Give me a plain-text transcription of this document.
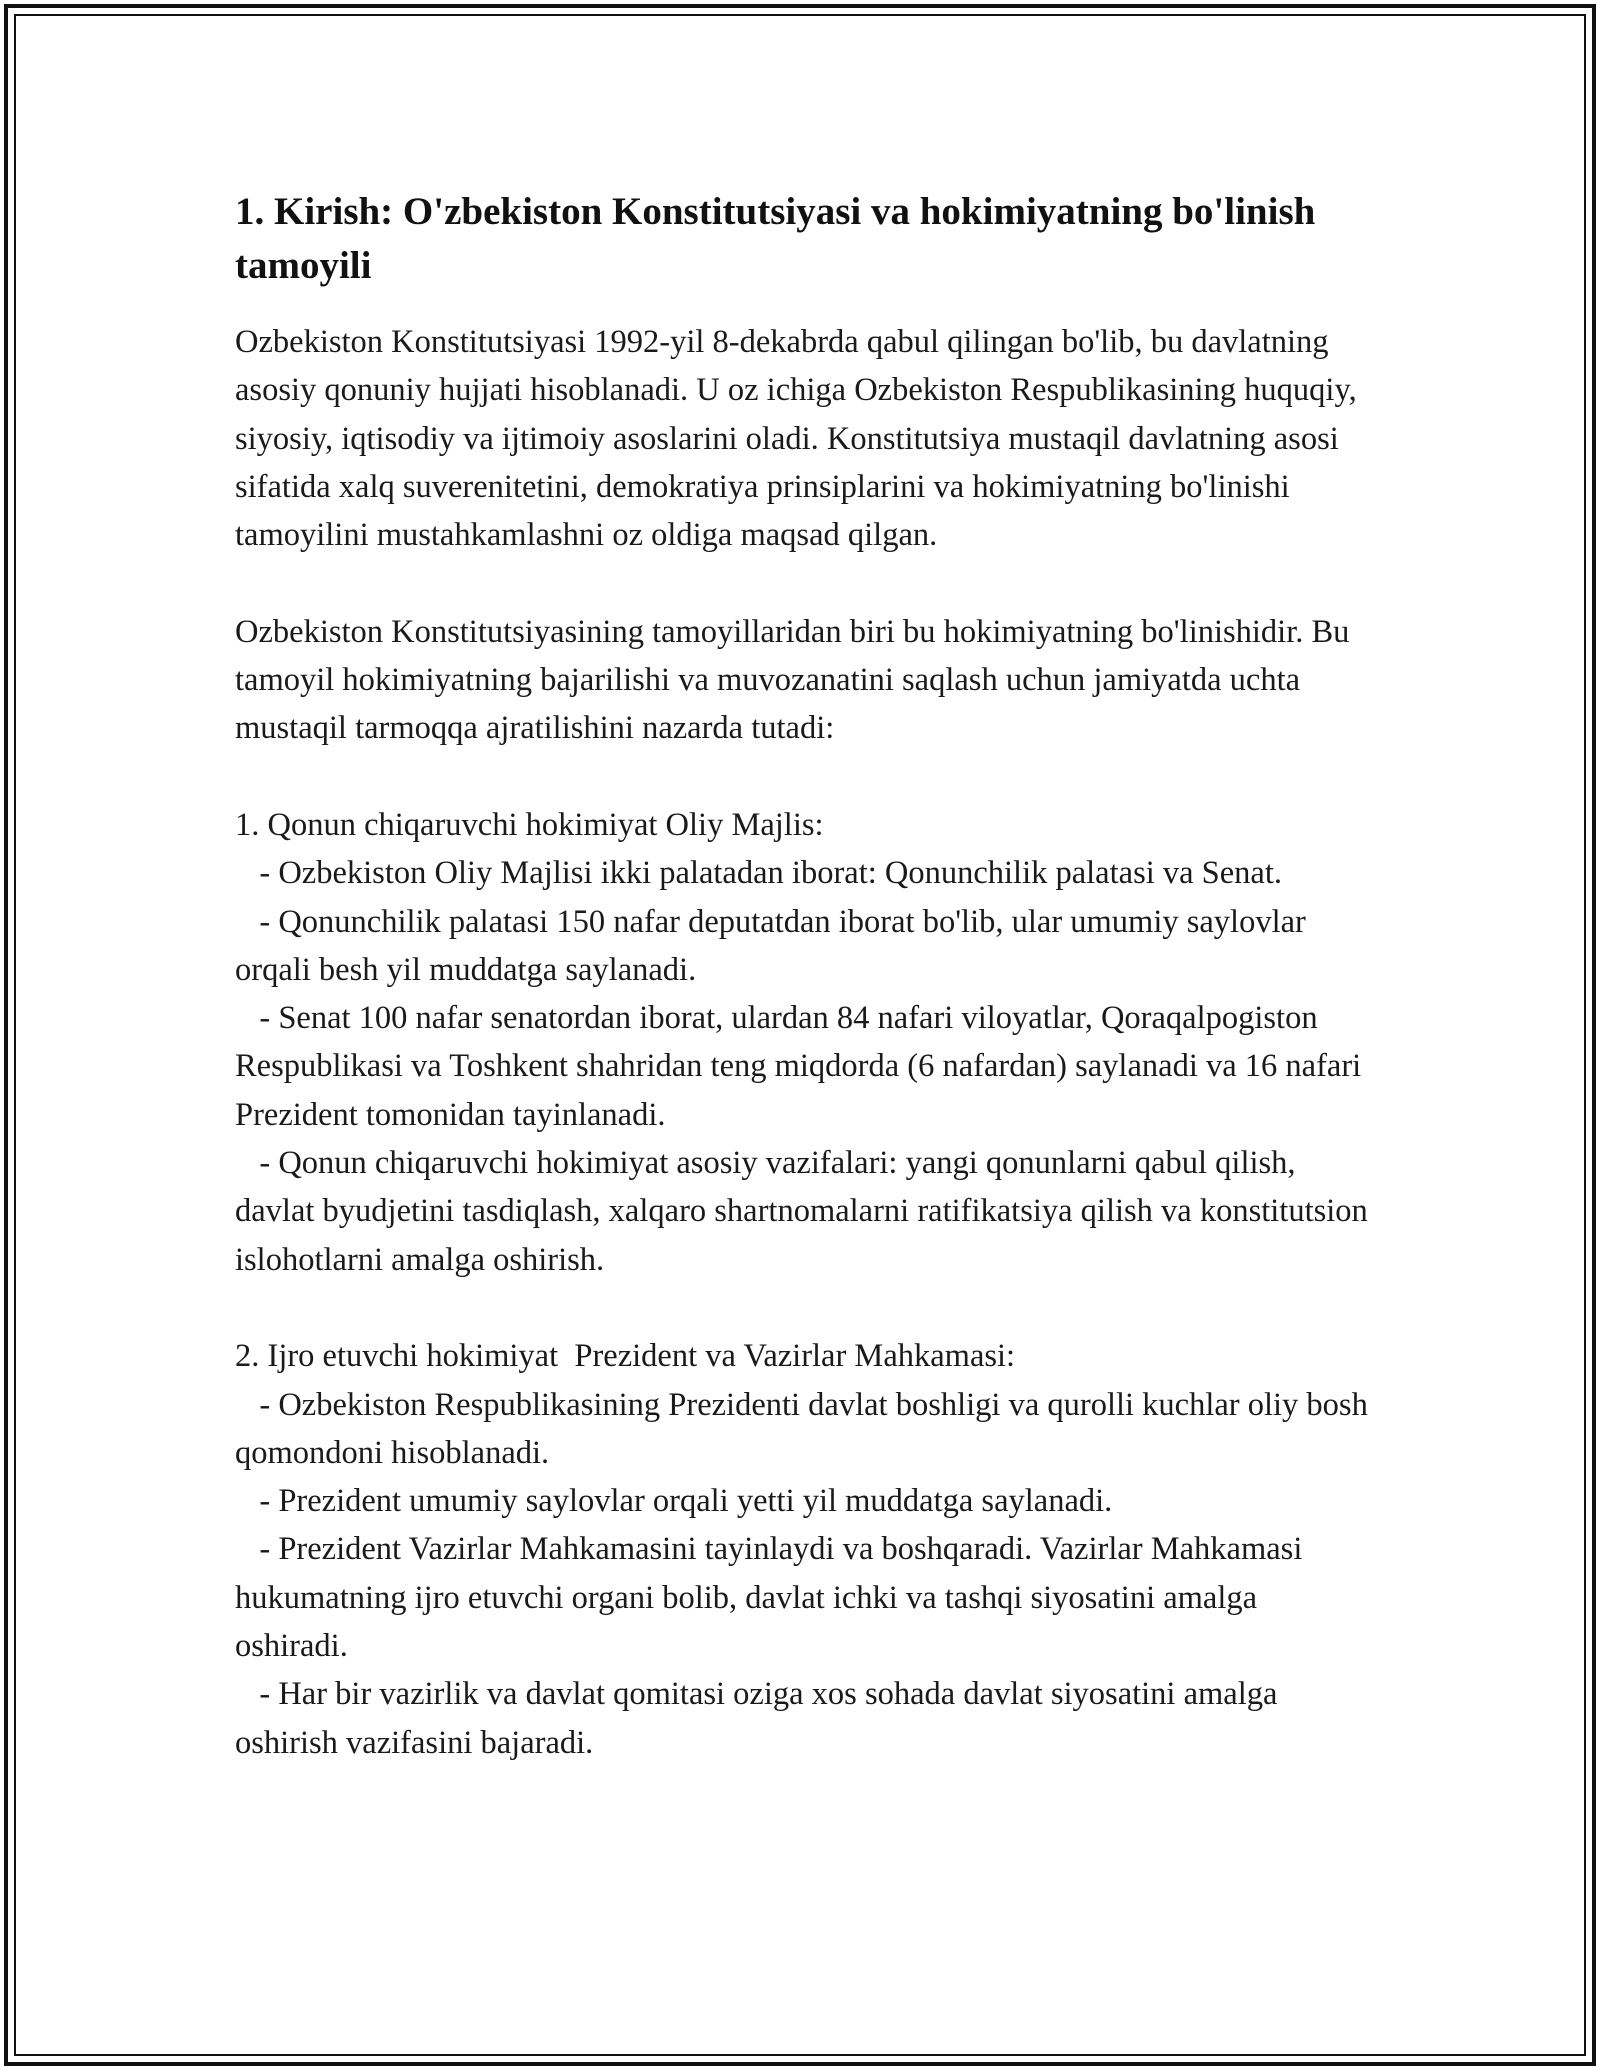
1. Kirish: O'zbekiston Konstitutsiyasi va hokimiyatning bo'linish tamoyili

Ozbekiston Konstitutsiyasi 1992-yil 8-dekabrda qabul qilingan bo'lib, bu davlatning asosiy qonuniy hujjati hisoblanadi. U oz ichiga Ozbekiston Respublikasining huquqiy, siyosiy, iqtisodiy va ijtimoiy asoslarini oladi. Konstitutsiya mustaqil davlatning asosi sifatida xalq suverenitetini, demokratiya prinsiplarini va hokimiyatning bo'linishi tamoyilini mustahkamlashni oz oldiga maqsad qilgan.

Ozbekiston Konstitutsiyasining tamoyillaridan biri bu hokimiyatning bo'linishidir. Bu tamoyil hokimiyatning bajarilishi va muvozanatini saqlash uchun jamiyatda uchta mustaqil tarmoqqa ajratilishini nazarda tutadi:

1. Qonun chiqaruvchi hokimiyat Oliy Majlis:

- Ozbekiston Oliy Majlisi ikki palatadan iborat: Qonunchilik palatasi va Senat.

- Qonunchilik palatasi 150 nafar deputatdan iborat bo'lib, ular umumiy saylovlar orqali besh yil muddatga saylanadi.

- Senat 100 nafar senatordan iborat, ulardan 84 nafari viloyatlar, Qoraqalpogiston Respublikasi va Toshkent shahridan teng miqdorda (6 nafardan) saylanadi va 16 nafari Prezident tomonidan tayinlanadi.

- Qonun chiqaruvchi hokimiyat asosiy vazifalari: yangi qonunlarni qabul qilish, davlat byudjetini tasdiqlash, xalqaro shartnomalarni ratifikatsiya qilish va konstitutsion islohotlarni amalga oshirish.

2. Ijro etuvchi hokimiyat  Prezident va Vazirlar Mahkamasi:

- Ozbekiston Respublikasining Prezidenti davlat boshligi va qurolli kuchlar oliy bosh qomondoni hisoblanadi.

- Prezident umumiy saylovlar orqali yetti yil muddatga saylanadi.

- Prezident Vazirlar Mahkamasini tayinlaydi va boshqaradi. Vazirlar Mahkamasi hukumatning ijro etuvchi organi bolib, davlat ichki va tashqi siyosatini amalga oshiradi.

- Har bir vazirlik va davlat qomitasi oziga xos sohada davlat siyosatini amalga oshirish vazifasini bajaradi.
